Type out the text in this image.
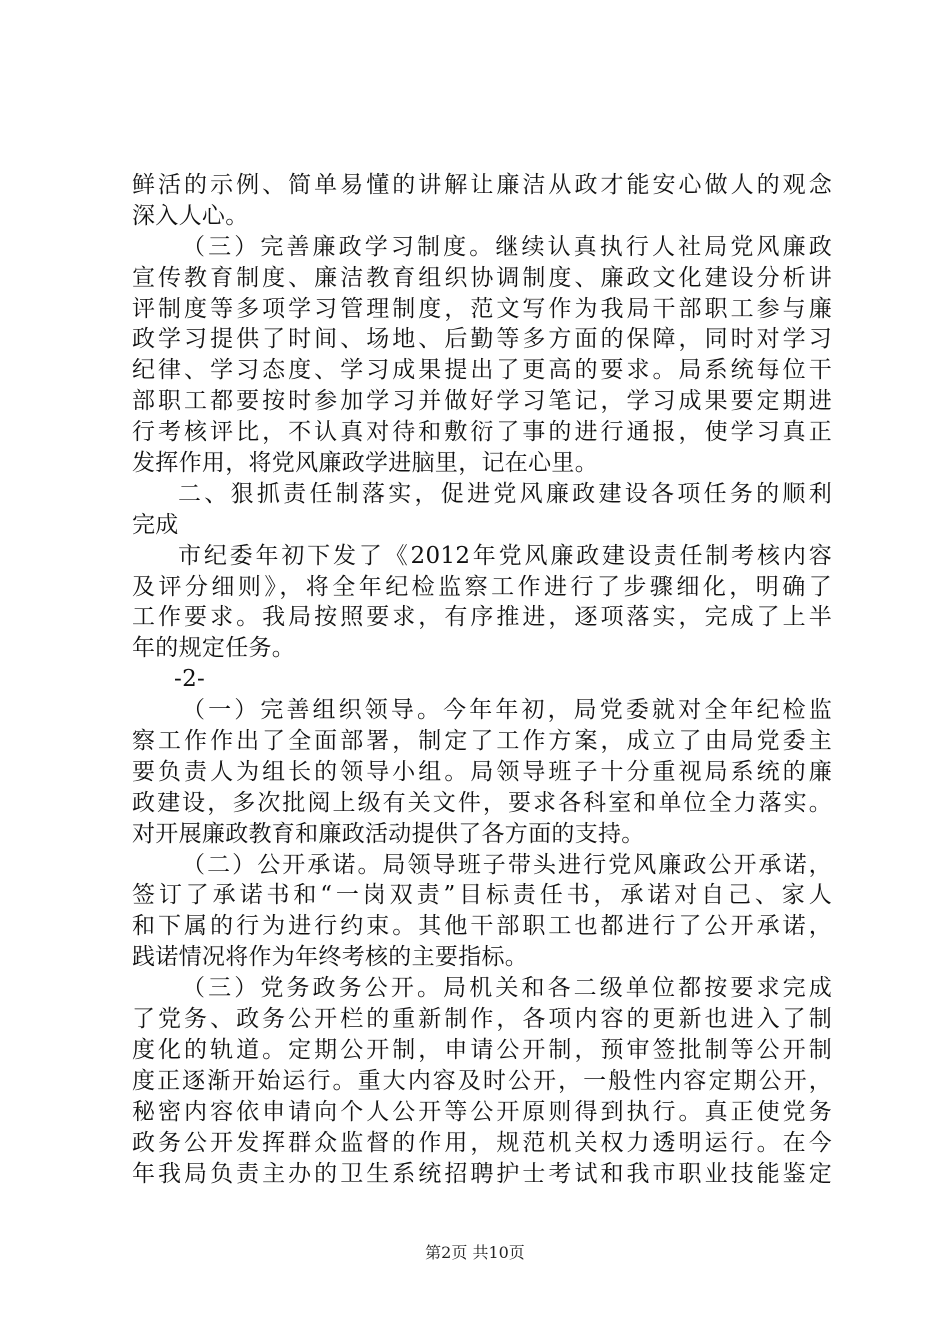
鲜活的示例、简单易懂的讲解让廉洁从政才能安心做人的观念
深入人心。
（三）完善廉政学习制度。继续认真执行人社局党风廉政
宣传教育制度、廉洁教育组织协调制度、廉政文化建设分析讲
评制度等多项学习管理制度，范文写作为我局干部职工参与廉
政学习提供了时间、场地、后勤等多方面的保障，同时对学习
纪律、学习态度、学习成果提出了更高的要求。局系统每位干
部职工都要按时参加学习并做好学习笔记，学习成果要定期进
行考核评比，不认真对待和敷衍了事的进行通报，使学习真正
发挥作用，将党风廉政学进脑里，记在心里。
二、狠抓责任制落实，促进党风廉政建设各项任务的顺利
完成
市纪委年初下发了《2012年党风廉政建设责任制考核内容
及评分细则》，将全年纪检监察工作进行了步骤细化，明确了
工作要求。我局按照要求，有序推进，逐项落实，完成了上半
年的规定任务。
-2-
（一）完善组织领导。今年年初，局党委就对全年纪检监
察工作作出了全面部署，制定了工作方案，成立了由局党委主
要负责人为组长的领导小组。局领导班子十分重视局系统的廉
政建设，多次批阅上级有关文件，要求各科室和单位全力落实。
对开展廉政教育和廉政活动提供了各方面的支持。
（二）公开承诺。局领导班子带头进行党风廉政公开承诺，
签订了承诺书和“一岗双责”目标责任书，承诺对自己、家人
和下属的行为进行约束。其他干部职工也都进行了公开承诺，
践诺情况将作为年终考核的主要指标。
（三）党务政务公开。局机关和各二级单位都按要求完成
了党务、政务公开栏的重新制作，各项内容的更新也进入了制
度化的轨道。定期公开制，申请公开制，预审签批制等公开制
度正逐渐开始运行。重大内容及时公开，一般性内容定期公开，
秘密内容依申请向个人公开等公开原则得到执行。真正使党务
政务公开发挥群众监督的作用，规范机关权力透明运行。在今
年我局负责主办的卫生系统招聘护士考试和我市职业技能鉴定
第2页 共10页
